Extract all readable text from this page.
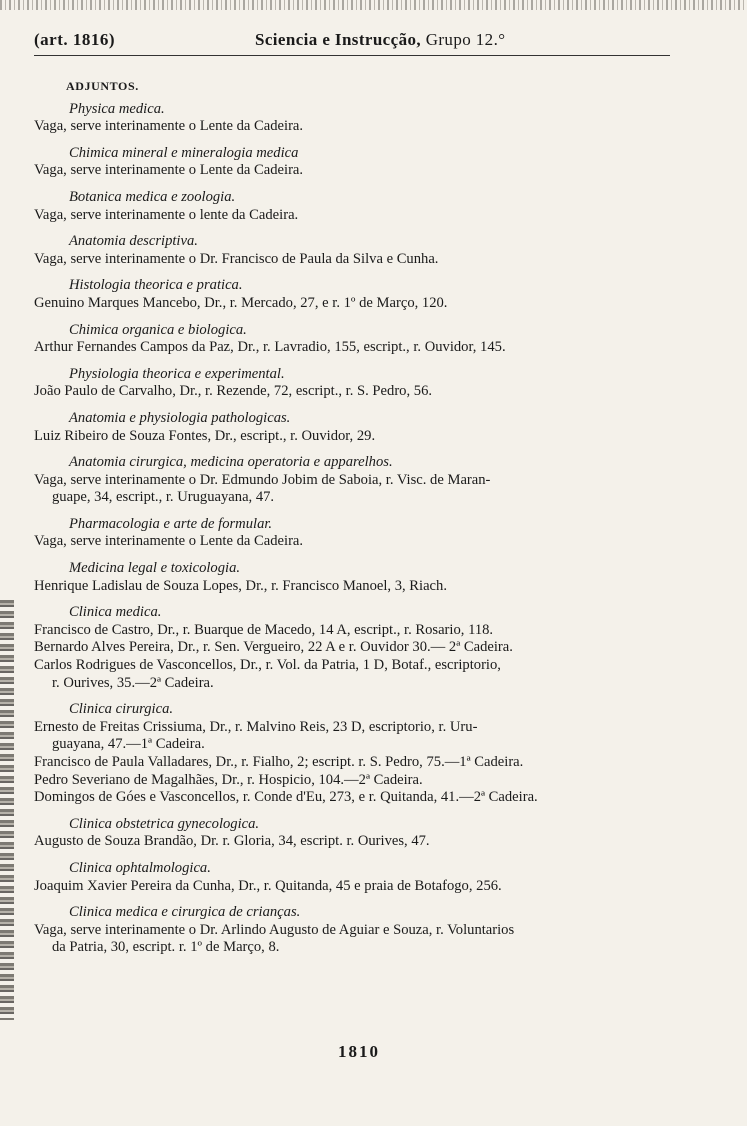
(art. 1816)	Sciencia e Instrucção, Grupo 12.°
ADJUNTOS.
Physica medica.
Vaga, serve interinamente o Lente da Cadeira.
Chimica mineral e mineralogia medica
Vaga, serve interinamente o Lente da Cadeira.
Botanica medica e zoologia.
Vaga, serve interinamente o lente da Cadeira.
Anatomia descriptiva.
Vaga, serve interinamente o Dr. Francisco de Paula da Silva e Cunha.
Histologia theorica e pratica.
Genuino Marques Mancebo, Dr., r. Mercado, 27, e r. 1º de Março, 120.
Chimica organica e biologica.
Arthur Fernandes Campos da Paz, Dr., r. Lavradio, 155, escript., r. Ouvidor, 145.
Physiologia theorica e experimental.
João Paulo de Carvalho, Dr., r. Rezende, 72, escript., r. S. Pedro, 56.
Anatomia e physiologia pathologicas.
Luiz Ribeiro de Souza Fontes, Dr., escript., r. Ouvidor, 29.
Anatomia cirurgica, medicina operatoria e apparelhos.
Vaga, serve interinamente o Dr. Edmundo Jobim de Saboia, r. Visc. de Maran-
guape, 34, escript., r. Uruguayana, 47.
Pharmacologia e arte de formular.
Vaga, serve interinamente o Lente da Cadeira.
Medicina legal e toxicologia.
Henrique Ladislau de Souza Lopes, Dr., r. Francisco Manoel, 3, Riach.
Clinica medica.
Francisco de Castro, Dr., r. Buarque de Macedo, 14 A, escript., r. Rosario, 118.
Bernardo Alves Pereira, Dr., r. Sen. Vergueiro, 22 A e r. Ouvidor 30.— 2ª Cadeira.
Carlos Rodrigues de Vasconcellos, Dr., r. Vol. da Patria, 1 D, Botaf., escriptorio,
r. Ourives, 35.—2ª Cadeira.
Clinica cirurgica.
Ernesto de Freitas Crissiuma, Dr., r. Malvino Reis, 23 D, escriptorio, r. Uru-
guayana, 47.—1ª Cadeira.
Francisco de Paula Valladares, Dr., r. Fialho, 2; escript. r. S. Pedro, 75.—1ª Cadeira.
Pedro Severiano de Magalhães, Dr., r. Hospicio, 104.—2ª Cadeira.
Domingos de Góes e Vasconcellos, r. Conde d'Eu, 273, e r. Quitanda, 41.—2ª Cadeira.
Clinica obstetrica gynecologica.
Augusto de Souza Brandão, Dr. r. Gloria, 34, escript. r. Ourives, 47.
Clinica ophtalmologica.
Joaquim Xavier Pereira da Cunha, Dr., r. Quitanda, 45 e praia de Botafogo, 256.
Clinica medica e cirurgica de crianças.
Vaga, serve interinamente o Dr. Arlindo Augusto de Aguiar e Souza, r. Voluntarios
da Patria, 30, escript. r. 1º de Março, 8.
1810
